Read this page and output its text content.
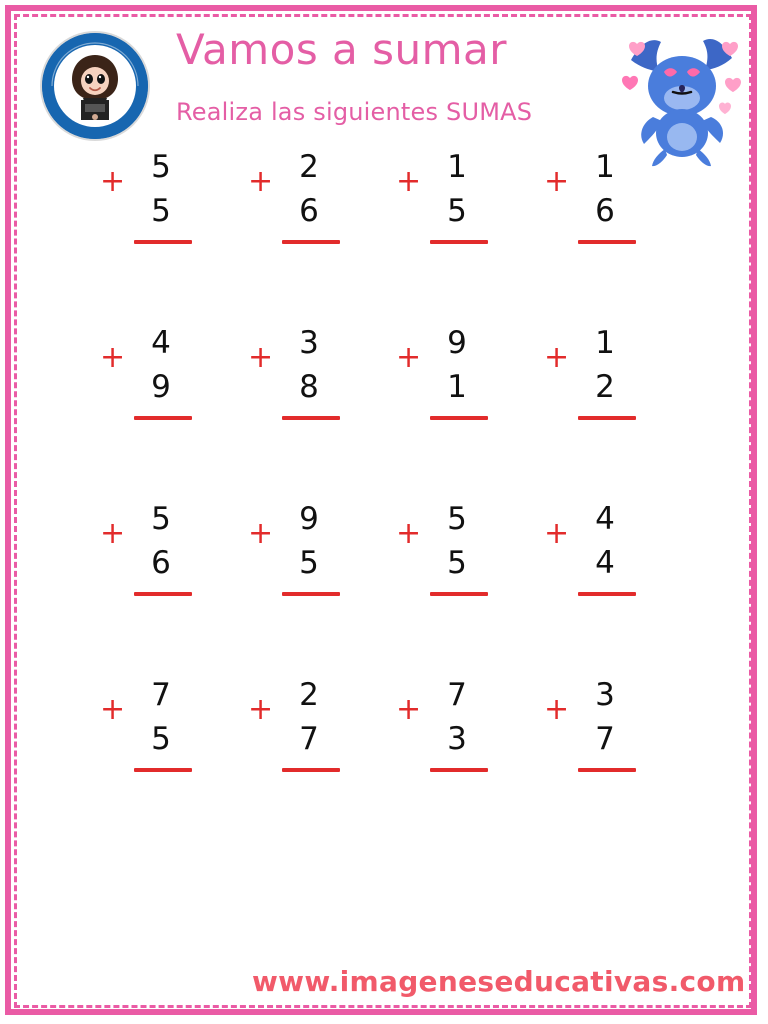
Vamos a sumar
Realiza las siguientes SUMAS
+ 5
5
+ 2
6
+ 1
5
+ 1
6
+ 4
9
+ 3
8
+ 9
1
+ 1
2
+ 5
6
+ 9
5
+ 5
5
+ 4
4
+ 7
5
+ 2
7
+ 7
3
+ 3
7
www.imageneseducativas.com
